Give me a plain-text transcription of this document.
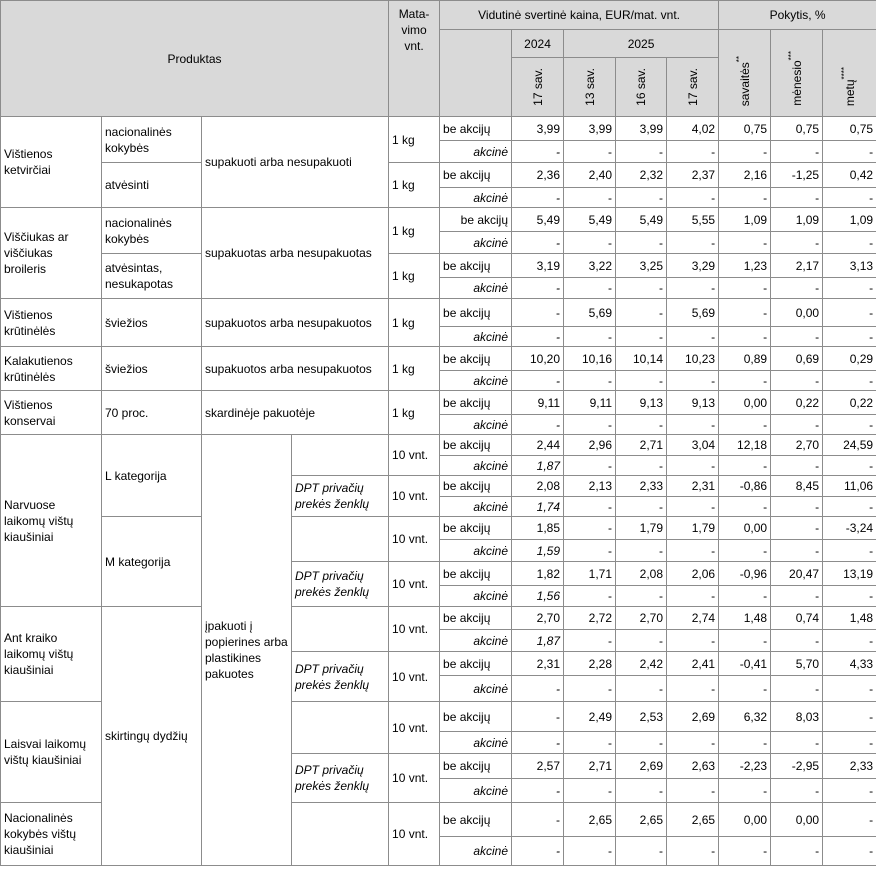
Produktas				Mata-vimo vnt.	Vidutinė svertinė kaina, EUR/mat. vnt.					Pokytis, %		
						2024	2025			savaitės**	mėnesio***	metų****
						17 sav.	13 sav.	16 sav.	17 sav.			
Vištienos ketvirčiai	nacionalinės kokybės	supakuoti arba nesupakuoti		1 kg	be akcijų	3,99	3,99	3,99	4,02	0,75	0,75	0,75
					akcinė	-	-	-	-	-	-	-
	atvėsinti			1 kg	be akcijų	2,36	2,40	2,32	2,37	2,16	-1,25	0,42
					akcinė	-	-	-	-	-	-	-
Viščiukas ar viščiukas broileris	nacionalinės kokybės	supakuotas arba nesupakuotas		1 kg	be akcijų	5,49	5,49	5,49	5,55	1,09	1,09	1,09
					akcinė	-	-	-	-	-	-	-
	atvėsintas, nesukapotas			1 kg	be akcijų	3,19	3,22	3,25	3,29	1,23	2,17	3,13
					akcinė	-	-	-	-	-	-	-
Vištienos krūtinėlės	šviežios	supakuotos arba nesupakuotos		1 kg	be akcijų	-	5,69	-	5,69	-	0,00	-
					akcinė	-	-	-	-	-	-	-
Kalakutienos krūtinėlės	šviežios	supakuotos arba nesupakuotos		1 kg	be akcijų	10,20	10,16	10,14	10,23	0,89	0,69	0,29
					akcinė	-	-	-	-	-	-	-
Vištienos konservai	70 proc.	skardinėje pakuotėje		1 kg	be akcijų	9,11	9,11	9,13	9,13	0,00	0,22	0,22
					akcinė	-	-	-	-	-	-	-
Narvuose laikomų vištų kiaušiniai	L kategorija	įpakuoti į popierines arba plastikines pakuotes		10 vnt.	be akcijų	2,44	2,96	2,71	3,04	12,18	2,70	24,59
					akcinė	1,87	-	-	-	-	-	-
			DPT privačių prekės ženklų	10 vnt.	be akcijų	2,08	2,13	2,33	2,31	-0,86	8,45	11,06
					akcinė	1,74	-	-	-	-	-	-
	M kategorija			10 vnt.	be akcijų	1,85	-	1,79	1,79	0,00	-	-3,24
					akcinė	1,59	-	-	-	-	-	-
			DPT privačių prekės ženklų	10 vnt.	be akcijų	1,82	1,71	2,08	2,06	-0,96	20,47	13,19
					akcinė	1,56	-	-	-	-	-	-
Ant kraiko laikomų vištų kiaušiniai	skirtingų dydžių			10 vnt.	be akcijų	2,70	2,72	2,70	2,74	1,48	0,74	1,48
					akcinė	1,87	-	-	-	-	-	-
			DPT privačių prekės ženklų	10 vnt.	be akcijų	2,31	2,28	2,42	2,41	-0,41	5,70	4,33
					akcinė	-	-	-	-	-	-	-
Laisvai laikomų vištų kiaušiniai				10 vnt.	be akcijų	-	2,49	2,53	2,69	6,32	8,03	-
					akcinė	-	-	-	-	-	-	-
			DPT privačių prekės ženklų	10 vnt.	be akcijų	2,57	2,71	2,69	2,63	-2,23	-2,95	2,33
					akcinė	-	-	-	-	-	-	-
Nacionalinės kokybės vištų kiaušiniai				10 vnt.	be akcijų	-	2,65	2,65	2,65	0,00	0,00	-
					akcinė	-	-	-	-	-	-	-
